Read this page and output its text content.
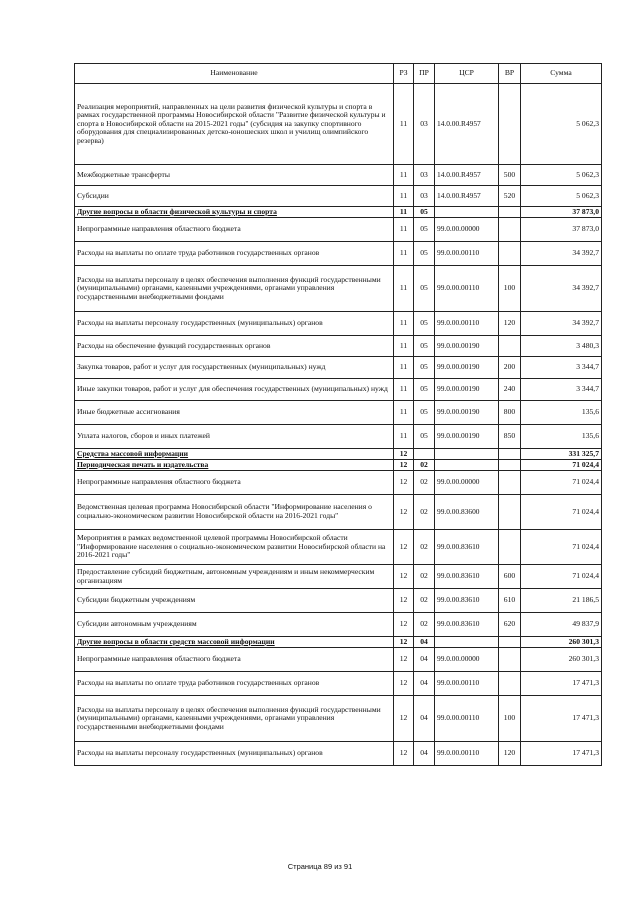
Наименование	РЗ	ПР	ЦСР	ВР	Сумма
Реализация мероприятий, направленных на цели развития физической культуры и спорта в рамках государственной программы Новосибирской области "Развитие физической культуры и спорта в Новосибирской области на 2015-2021 годы" (субсидия на закупку спортивного оборудования для специализированных детско-юношеских школ и училищ олимпийского резерва)	11	03	14.0.00.R4957		5 062,3
Межбюджетные трансферты	11	03	14.0.00.R4957	500	5 062,3
Субсидии	11	03	14.0.00.R4957	520	5 062,3
Другие вопросы в области физической культуры и спорта	11	05			37 873,0
Непрограммные направления областного бюджета	11	05	99.0.00.00000		37 873,0
Расходы на выплаты по оплате труда работников государственных органов	11	05	99.0.00.00110		34 392,7
Расходы на выплаты персоналу в целях обеспечения выполнения функций государственными (муниципальными) органами, казенными учреждениями, органами управления государственными внебюджетными фондами	11	05	99.0.00.00110	100	34 392,7
Расходы на выплаты персоналу государственных (муниципальных) органов	11	05	99.0.00.00110	120	34 392,7
Расходы на обеспечение функций государственных органов	11	05	99.0.00.00190		3 480,3
Закупка товаров, работ и услуг для государственных (муниципальных) нужд	11	05	99.0.00.00190	200	3 344,7
Иные закупки товаров, работ и услуг для обеспечения государственных (муниципальных) нужд	11	05	99.0.00.00190	240	3 344,7
Иные бюджетные ассигнования	11	05	99.0.00.00190	800	135,6
Уплата налогов, сборов и иных платежей	11	05	99.0.00.00190	850	135,6
Средства массовой информации	12				331 325,7
Периодическая печать и издательства	12	02			71 024,4
Непрограммные направления областного бюджета	12	02	99.0.00.00000		71 024,4
Ведомственная целевая программа Новосибирской области "Информирование населения о социально-экономическом развитии Новосибирской области на 2016-2021 годы"	12	02	99.0.00.83600		71 024,4
Мероприятия в рамках ведомственной целевой программы Новосибирской области "Информирование населения о социально-экономическом развитии Новосибирской области на 2016-2021 годы"	12	02	99.0.00.83610		71 024,4
Предоставление субсидий бюджетным, автономным учреждениям и иным некоммерческим организациям	12	02	99.0.00.83610	600	71 024,4
Субсидии бюджетным учреждениям	12	02	99.0.00.83610	610	21 186,5
Субсидии автономным учреждениям	12	02	99.0.00.83610	620	49 837,9
Другие вопросы в области средств массовой информации	12	04			260 301,3
Непрограммные направления областного бюджета	12	04	99.0.00.00000		260 301,3
Расходы на выплаты по оплате труда работников государственных органов	12	04	99.0.00.00110		17 471,3
Расходы на выплаты персоналу в целях обеспечения выполнения функций государственными (муниципальными) органами, казенными учреждениями, органами управления государственными внебюджетными фондами	12	04	99.0.00.00110	100	17 471,3
Расходы на выплаты персоналу государственных (муниципальных) органов	12	04	99.0.00.00110	120	17 471,3
Страница 89 из 91
